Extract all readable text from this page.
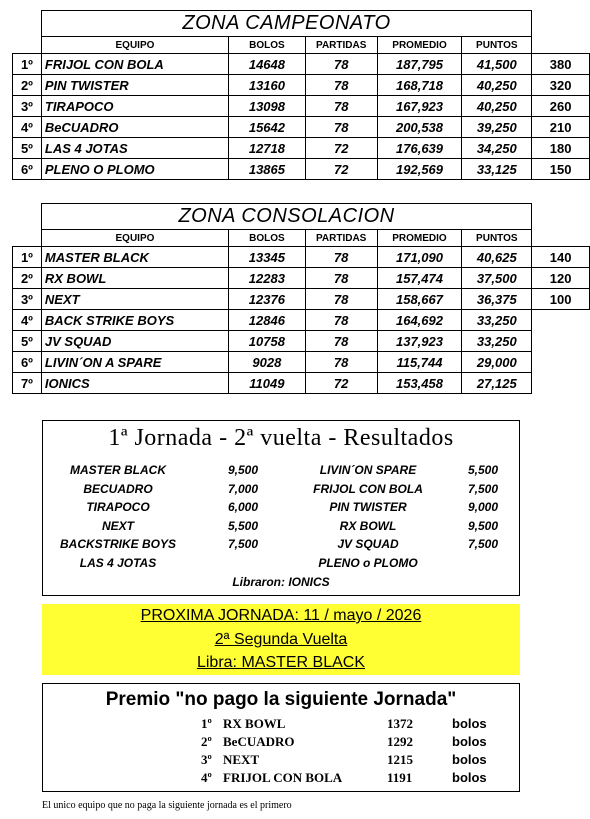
	ZONA CAMPEONATO					
	EQUIPO	BOLOS	PARTIDAS	PROMEDIO	PUNTOS	
1º	FRIJOL CON BOLA	14648	78	187,795	41,500	380
2º	PIN TWISTER	13160	78	168,718	40,250	320
3º	TIRAPOCO	13098	78	167,923	40,250	260
4º	BeCUADRO	15642	78	200,538	39,250	210
5º	LAS 4 JOTAS	12718	72	176,639	34,250	180
6º	PLENO O PLOMO	13865	72	192,569	33,125	150
	ZONA CONSOLACION					
	EQUIPO	BOLOS	PARTIDAS	PROMEDIO	PUNTOS	
1º	MASTER BLACK	13345	78	171,090	40,625	140
2º	RX BOWL	12283	78	157,474	37,500	120
3º	NEXT	12376	78	158,667	36,375	100
4º	BACK STRIKE BOYS	12846	78	164,692	33,250	
5º	JV SQUAD	10758	78	137,923	33,250	
6º	LIVIN´ON A SPARE	9028	78	115,744	29,000	
7º	IONICS	11049	72	153,458	27,125	
1ª Jornada - 2ª vuelta - Resultados
MASTER BLACK	9,500	LIVIN´ON SPARE	5,500
BECUADRO	7,000	FRIJOL CON BOLA	7,500
TIRAPOCO	6,000	PIN TWISTER	9,000
NEXT	5,500	RX BOWL	9,500
BACKSTRIKE BOYS	7,500	JV SQUAD	7,500
LAS 4 JOTAS	PLENO o PLOMO
Libraron: IONICS
PROXIMA JORNADA: 11 / mayo / 2026
2ª Segunda Vuelta
Libra: MASTER BLACK
Premio "no pago la siguiente Jornada"
1º RX BOWL	1372	bolos
2º BeCUADRO	1292	bolos
3º NEXT	1215	bolos
4º FRIJOL CON BOLA	1191	bolos
El unico equipo que no paga la siguiente jornada es el primero
